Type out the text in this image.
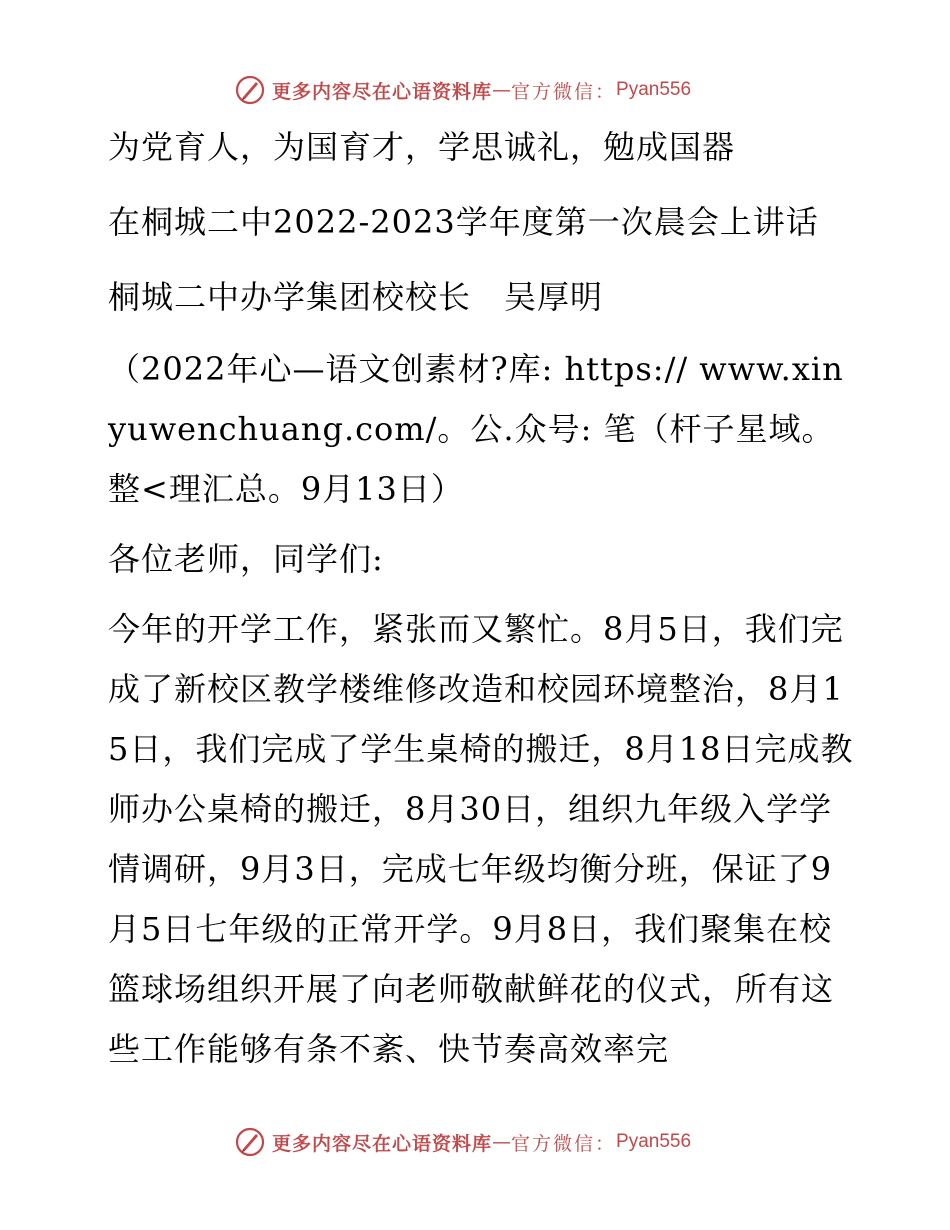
更多内容尽在心语资料库 — 官方微信： Pyan556

为党育人，为国育才，学思诚礼，勉成国器

在桐城二中2022-2023学年度第一次晨会上讲话

桐城二中办学集团校校长　吴厚明

（2022年心—语文创素材?库: https:// www.xinyuwenchuang.com/。公.众号: 笔（杆子星域。整<理汇总。9月13日）

各位老师，同学们:

今年的开学工作，紧张而又繁忙。8月5日，我们完成了新校区教学楼维修改造和校园环境整治，8月15日，我们完成了学生桌椅的搬迁，8月18日完成教师办公桌椅的搬迁，8月30日，组织九年级入学学情调研，9月3日，完成七年级均衡分班，保证了9月5日七年级的正常开学。9月8日，我们聚集在校篮球场组织开展了向老师敬献鲜花的仪式，所有这些工作能够有条不紊、快节奏高效率完

更多内容尽在心语资料库 — 官方微信： Pyan556
